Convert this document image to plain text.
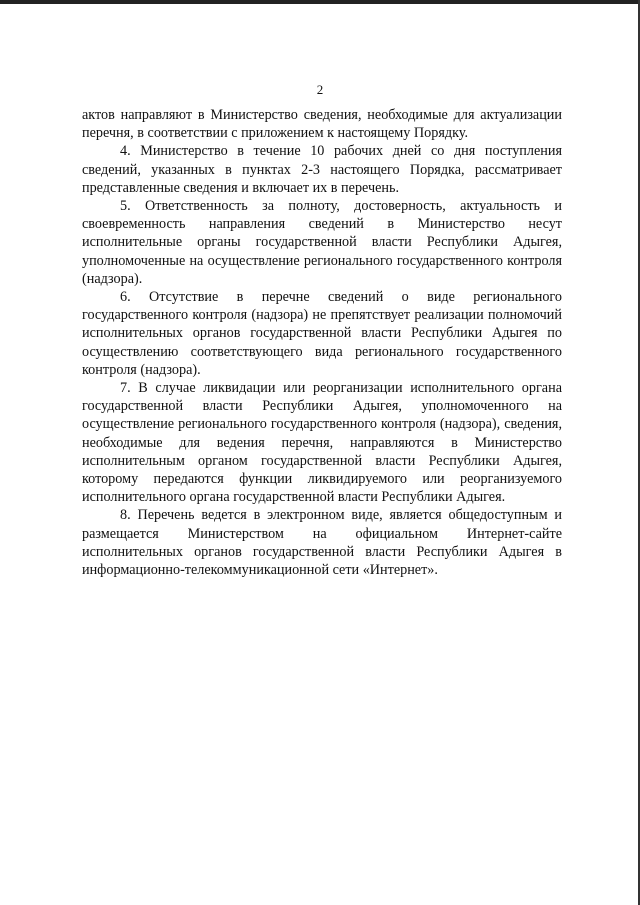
2

актов направляют в Министерство сведения, необходимые для актуализации перечня, в соответствии с приложением к настоящему Порядку.

4. Министерство в течение 10 рабочих дней со дня поступления сведений, указанных в пунктах 2-3 настоящего Порядка, рассматривает представленные сведения и включает их в перечень.

5. Ответственность за полноту, достоверность, актуальность и своевременность направления сведений в Министерство несут исполнительные органы государственной власти Республики Адыгея, уполномоченные на осуществление регионального государственного контроля (надзора).

6. Отсутствие в перечне сведений о виде регионального государственного контроля (надзора) не препятствует реализации полномочий исполнительных органов государственной власти Республики Адыгея по осуществлению соответствующего вида регионального государственного контроля (надзора).

7. В случае ликвидации или реорганизации исполнительного органа государственной власти Республики Адыгея, уполномоченного на осуществление регионального государственного контроля (надзора), сведения, необходимые для ведения перечня, направляются в Министерство исполнительным органом государственной власти Республики Адыгея, которому передаются функции ликвидируемого или реорганизуемого исполнительного органа государственной власти Республики Адыгея.

8. Перечень ведется в электронном виде, является общедоступным и размещается Министерством на официальном Интернет-сайте исполнительных органов государственной власти Республики Адыгея в информационно-телекоммуникационной сети «Интернет».
